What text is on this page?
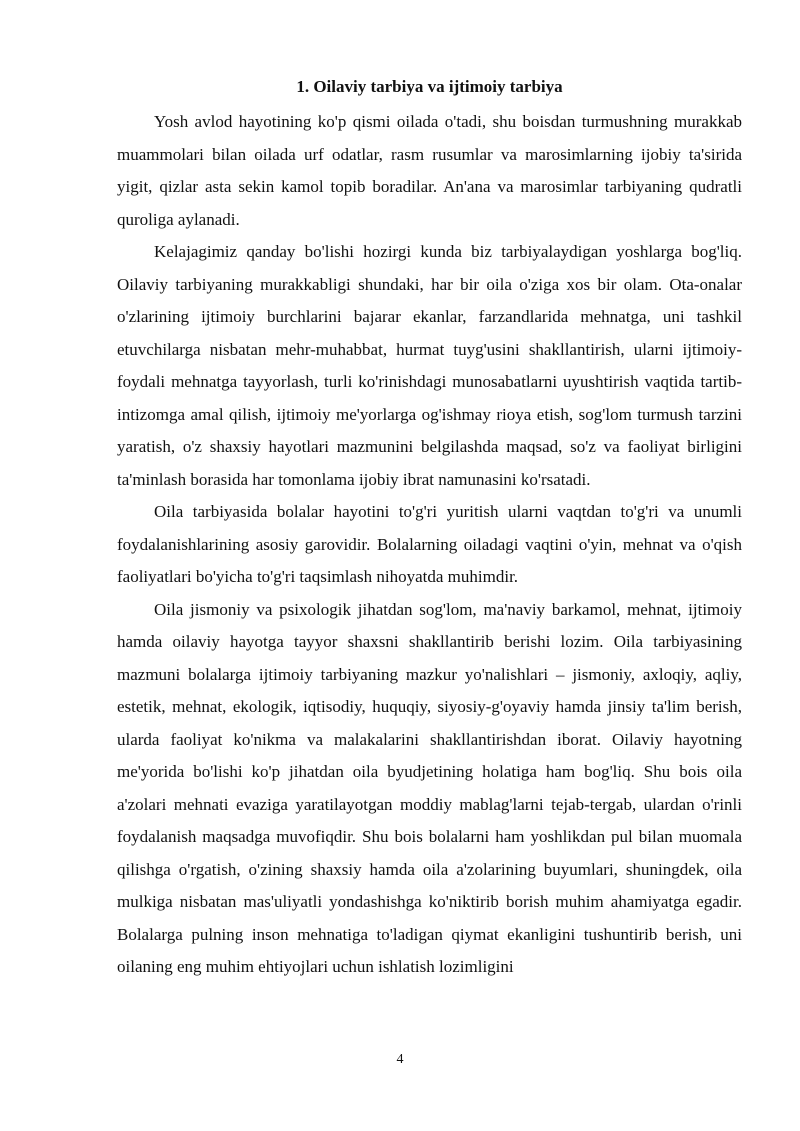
1. Oilaviy tarbiya va ijtimoiy tarbiya

Yosh avlod hayotining ko'p qismi oilada o'tadi, shu boisdan turmushning murakkab muammolari bilan oilada urf odatlar, rasm rusumlar va marosimlarning ijobiy ta'sirida yigit, qizlar asta sekin kamol topib boradilar. An'ana va marosimlar tarbiyaning qudratli quroliga aylanadi.

Kelajagimiz qanday bo'lishi hozirgi kunda biz tarbiyalaydigan yoshlarga bog'liq. Oilaviy tarbiyaning murakkabligi shundaki, har bir oila o'ziga xos bir olam. Ota-onalar o'zlarining ijtimoiy burchlarini bajarar ekanlar, farzandlarida mehnatga, uni tashkil etuvchilarga nisbatan mehr-muhabbat, hurmat tuyg'usini shakllantirish, ularni ijtimoiy-foydali mehnatga tayyorlash, turli ko'rinishdagi munosabatlarni uyushtirish vaqtida tartib-intizomga amal qilish, ijtimoiy me'yorlarga og'ishmay rioya etish, sog'lom turmush tarzini yaratish, o'z shaxsiy hayotlari mazmunini belgilashda maqsad, so'z va faoliyat birligini ta'minlash borasida har tomonlama ijobiy ibrat namunasini ko'rsatadi.

Oila tarbiyasida bolalar hayotini to'g'ri yuritish ularni vaqtdan to'g'ri va unumli foydalanishlarining asosiy garovidir. Bolalarning oiladagi vaqtini o'yin, mehnat va o'qish faoliyatlari bo'yicha to'g'ri taqsimlash nihoyatda muhimdir.

Oila jismoniy va psixologik jihatdan sog'lom, ma'naviy barkamol, mehnat, ijtimoiy hamda oilaviy hayotga tayyor shaxsni shakllantirib berishi lozim. Oila tarbiyasining mazmuni bolalarga ijtimoiy tarbiyaning mazkur yo'nalishlari – jismoniy, axloqiy, aqliy, estetik, mehnat, ekologik, iqtisodiy, huquqiy, siyosiy-g'oyaviy hamda jinsiy ta'lim berish, ularda faoliyat ko'nikma va malakalarini shakllantirishdan iborat. Oilaviy hayotning me'yorida bo'lishi ko'p jihatdan oila byudjetining holatiga ham bog'liq. Shu bois oila a'zolari mehnati evaziga yaratilayotgan moddiy mablag'larni tejab-tergab, ulardan o'rinli foydalanish maqsadga muvofiqdir. Shu bois bolalarni ham yoshlikdan pul bilan muomala qilishga o'rgatish, o'zining shaxsiy hamda oila a'zolarining buyumlari, shuningdek, oila mulkiga nisbatan mas'uliyatli yondashishga ko'niktirib borish muhim ahamiyatga egadir. Bolalarga pulning inson mehnatiga to'ladigan qiymat ekanligini tushuntirib berish, uni oilaning eng muhim ehtiyojlari uchun ishlatish lozimligini

4
